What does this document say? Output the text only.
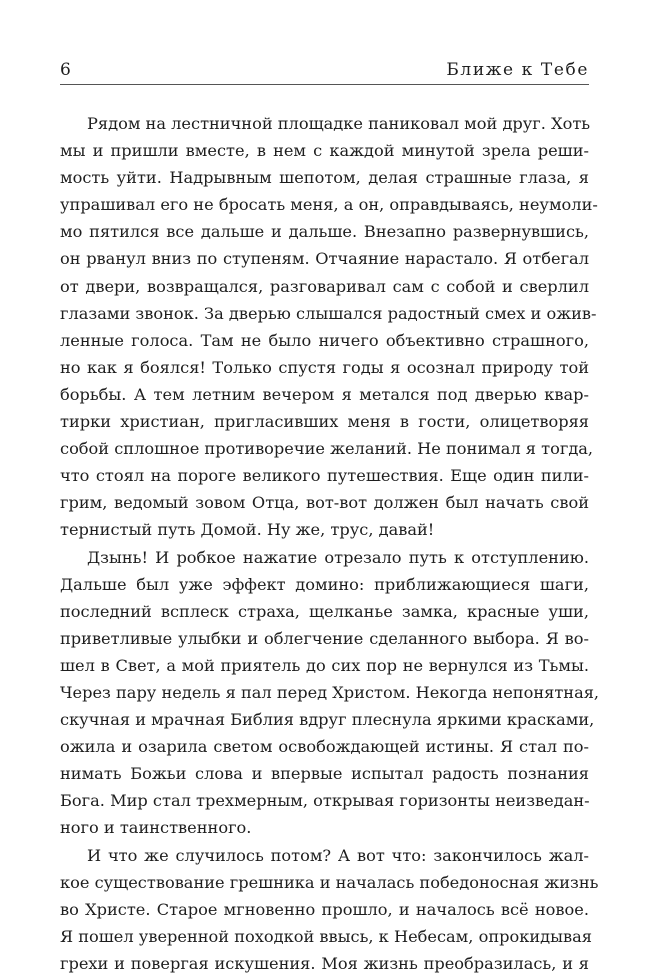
6	Ближе к Тебе

Рядом на лестничной площадке паниковал мой друг. Хоть
мы и пришли вместе, в нем с каждой минутой зрела реши-
мость уйти. Надрывным шепотом, делая страшные глаза, я
упрашивал его не бросать меня, а он, оправдываясь, неумоли-
мо пятился все дальше и дальше. Внезапно развернувшись,
он рванул вниз по ступеням. Отчаяние нарастало. Я отбегал
от двери, возвращался, разговаривал сам с собой и сверлил
глазами звонок. За дверью слышался радостный смех и ожив-
ленные голоса. Там не было ничего объективно страшного,
но как я боялся! Только спустя годы я осознал природу той
борьбы. А тем летним вечером я метался под дверью квар-
тирки христиан, пригласивших меня в гости, олицетворяя
собой сплошное противоречие желаний. Не понимал я тогда,
что стоял на пороге великого путешествия. Еще один пили-
грим, ведомый зовом Отца, вот-вот должен был начать свой
тернистый путь Домой. Ну же, трус, давай!

Дзынь! И робкое нажатие отрезало путь к отступлению.
Дальше был уже эффект домино: приближающиеся шаги,
последний всплеск страха, щелканье замка, красные уши,
приветливые улыбки и облегчение сделанного выбора. Я во-
шел в Свет, а мой приятель до сих пор не вернулся из Тьмы.
Через пару недель я пал перед Христом. Некогда непонятная,
скучная и мрачная Библия вдруг плеснула яркими красками,
ожила и озарила светом освобождающей истины. Я стал по-
нимать Божьи слова и впервые испытал радость познания
Бога. Мир стал трехмерным, открывая горизонты неизведан-
ного и таинственного.

И что же случилось потом? А вот что: закончилось жал-
кое существование грешника и началась победоносная жизнь
во Христе. Старое мгновенно прошло, и началось всё новое.
Я пошел уверенной походкой ввысь, к Небесам, опрокидывая
грехи и повергая искушения. Моя жизнь преобразилась, и я
